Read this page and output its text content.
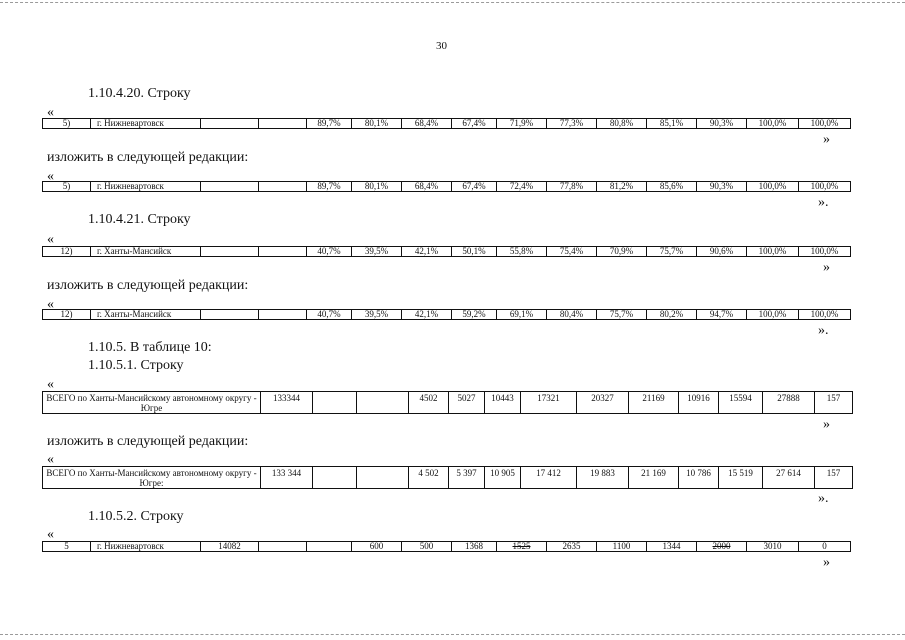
30
1.10.4.20. Строку
«
5)	г. Нижневартовск			89,7%	80,1%	68,4%	67,4%	71,9%	77,3%	80,8%	85,1%	90,3%	100,0%	100,0%
»
изложить в следующей редакции:
«
5)	г. Нижневартовск			89,7%	80,1%	68,4%	67,4%	72,4%	77,8%	81,2%	85,6%	90,3%	100,0%	100,0%
».
1.10.4.21. Строку
«
12)	г. Ханты-Мансийск			40,7%	39,5%	42,1%	50,1%	55,8%	75,4%	70,9%	75,7%	90,6%	100,0%	100,0%
»
изложить в следующей редакции:
«
12)	г. Ханты-Мансийск			40,7%	39,5%	42,1%	59,2%	69,1%	80,4%	75,7%	80,2%	94,7%	100,0%	100,0%
».
1.10.5. В таблице 10:
1.10.5.1. Строку
«
ВСЕГО по Ханты-Мансийскому автономному округу - Югре	133344			4502	5027	10443	17321	20327	21169	10916	15594	27888	157
»
изложить в следующей редакции:
«
ВСЕГО по Ханты-Мансийскому автономному округу - Югре:	133 344			4 502	5 397	10 905	17 412	19 883	21 169	10 786	15 519	27 614	157
».
1.10.5.2. Строку
«
5	г. Нижневартовск	14082			600	500	1368	1525	2635	1100	1344	2000	3010	0
»
